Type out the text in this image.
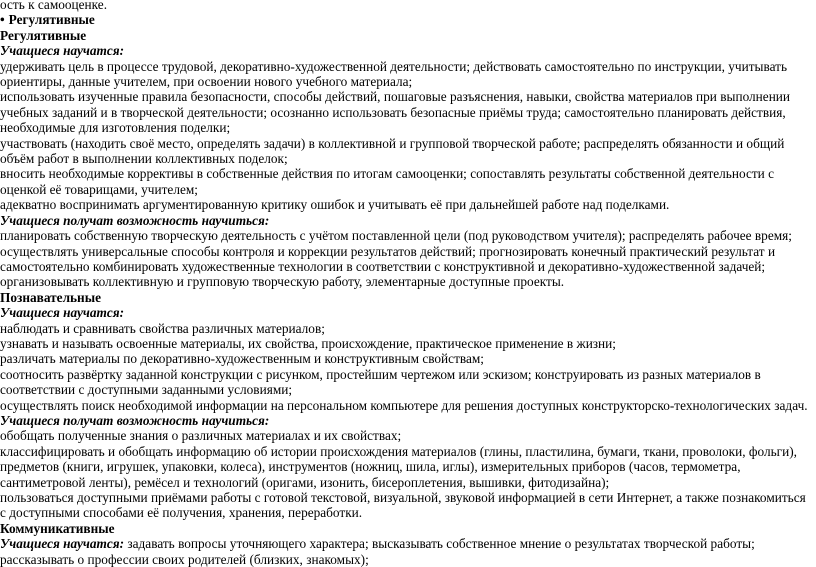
ость к самооценке.

• Регулятивные

Регулятивные

Учащиеся научатся:

удерживать цель в процессе трудовой, декоративно-художественной деятельности; действовать самостоятельно по инструкции, учитывать ориентиры, данные учителем, при освоении нового учебного материала;

использовать изученные правила безопасности, способы действий, пошаговые разъяснения, навыки, свойства материалов при выполнении учебных заданий и в творческой деятельности; осознанно использовать безопасные приёмы труда; самостоятельно планировать действия, необходимые для изготовления поделки;

участвовать (находить своё место, определять задачи) в коллективной и групповой творческой работе; распределять обязанности и общий объём работ в выполнении коллективных поделок;

вносить необходимые коррективы в собственные действия по итогам самооценки; сопоставлять результаты собственной деятельности с оценкой её товарищами, учителем;

адекватно воспринимать аргументированную критику ошибок и учитывать её при дальнейшей работе над поделками.

Учащиеся получат возможность научиться:

планировать собственную творческую деятельность с учётом поставленной цели (под руководством учителя); распределять рабочее время;

осуществлять универсальные способы контроля и коррекции результатов действий; прогнозировать конечный практический результат и самостоятельно комбинировать художественные технологии в соответствии с конструктивной и декоративно-художественной задачей;

организовывать коллективную и групповую творческую работу, элементарные доступные проекты.

Познавательные

Учащиеся научатся:

наблюдать и сравнивать свойства различных материалов;

узнавать и называть освоенные материалы, их свойства, происхождение, практическое применение в жизни;

различать материалы по декоративно-художественным и конструктивным свойствам;

соотносить развёртку заданной конструкции с рисунком, простейшим чертежом или эскизом; конструировать из разных материалов в соответствии с доступными заданными условиями;

осуществлять поиск необходимой информации на персональном компьютере для решения доступных конструкторско-технологических задач.

Учащиеся получат возможность научиться:

обобщать полученные знания о различных материалах и их свойствах;

классифицировать и обобщать информацию об истории происхождения материалов (глины, пластилина, бумаги, ткани, проволоки, фольги), предметов (книги, игрушек, упаковки, колеса), инструментов (ножниц, шила, иглы), измерительных приборов (часов, термометра, сантиметровой ленты), ремёсел и технологий (оригами, изонить, бисероплетения, вышивки, фитодизайна);

пользоваться доступными приёмами работы с готовой текстовой, визуальной, звуковой информацией в сети Интернет, а также познакомиться с доступными способами её получения, хранения, переработки.

Коммуникативные

Учащиеся научатся: задавать вопросы уточняющего характера; высказывать собственное мнение о результатах творческой работы;

рассказывать о профессии своих родителей (близких, знакомых);
